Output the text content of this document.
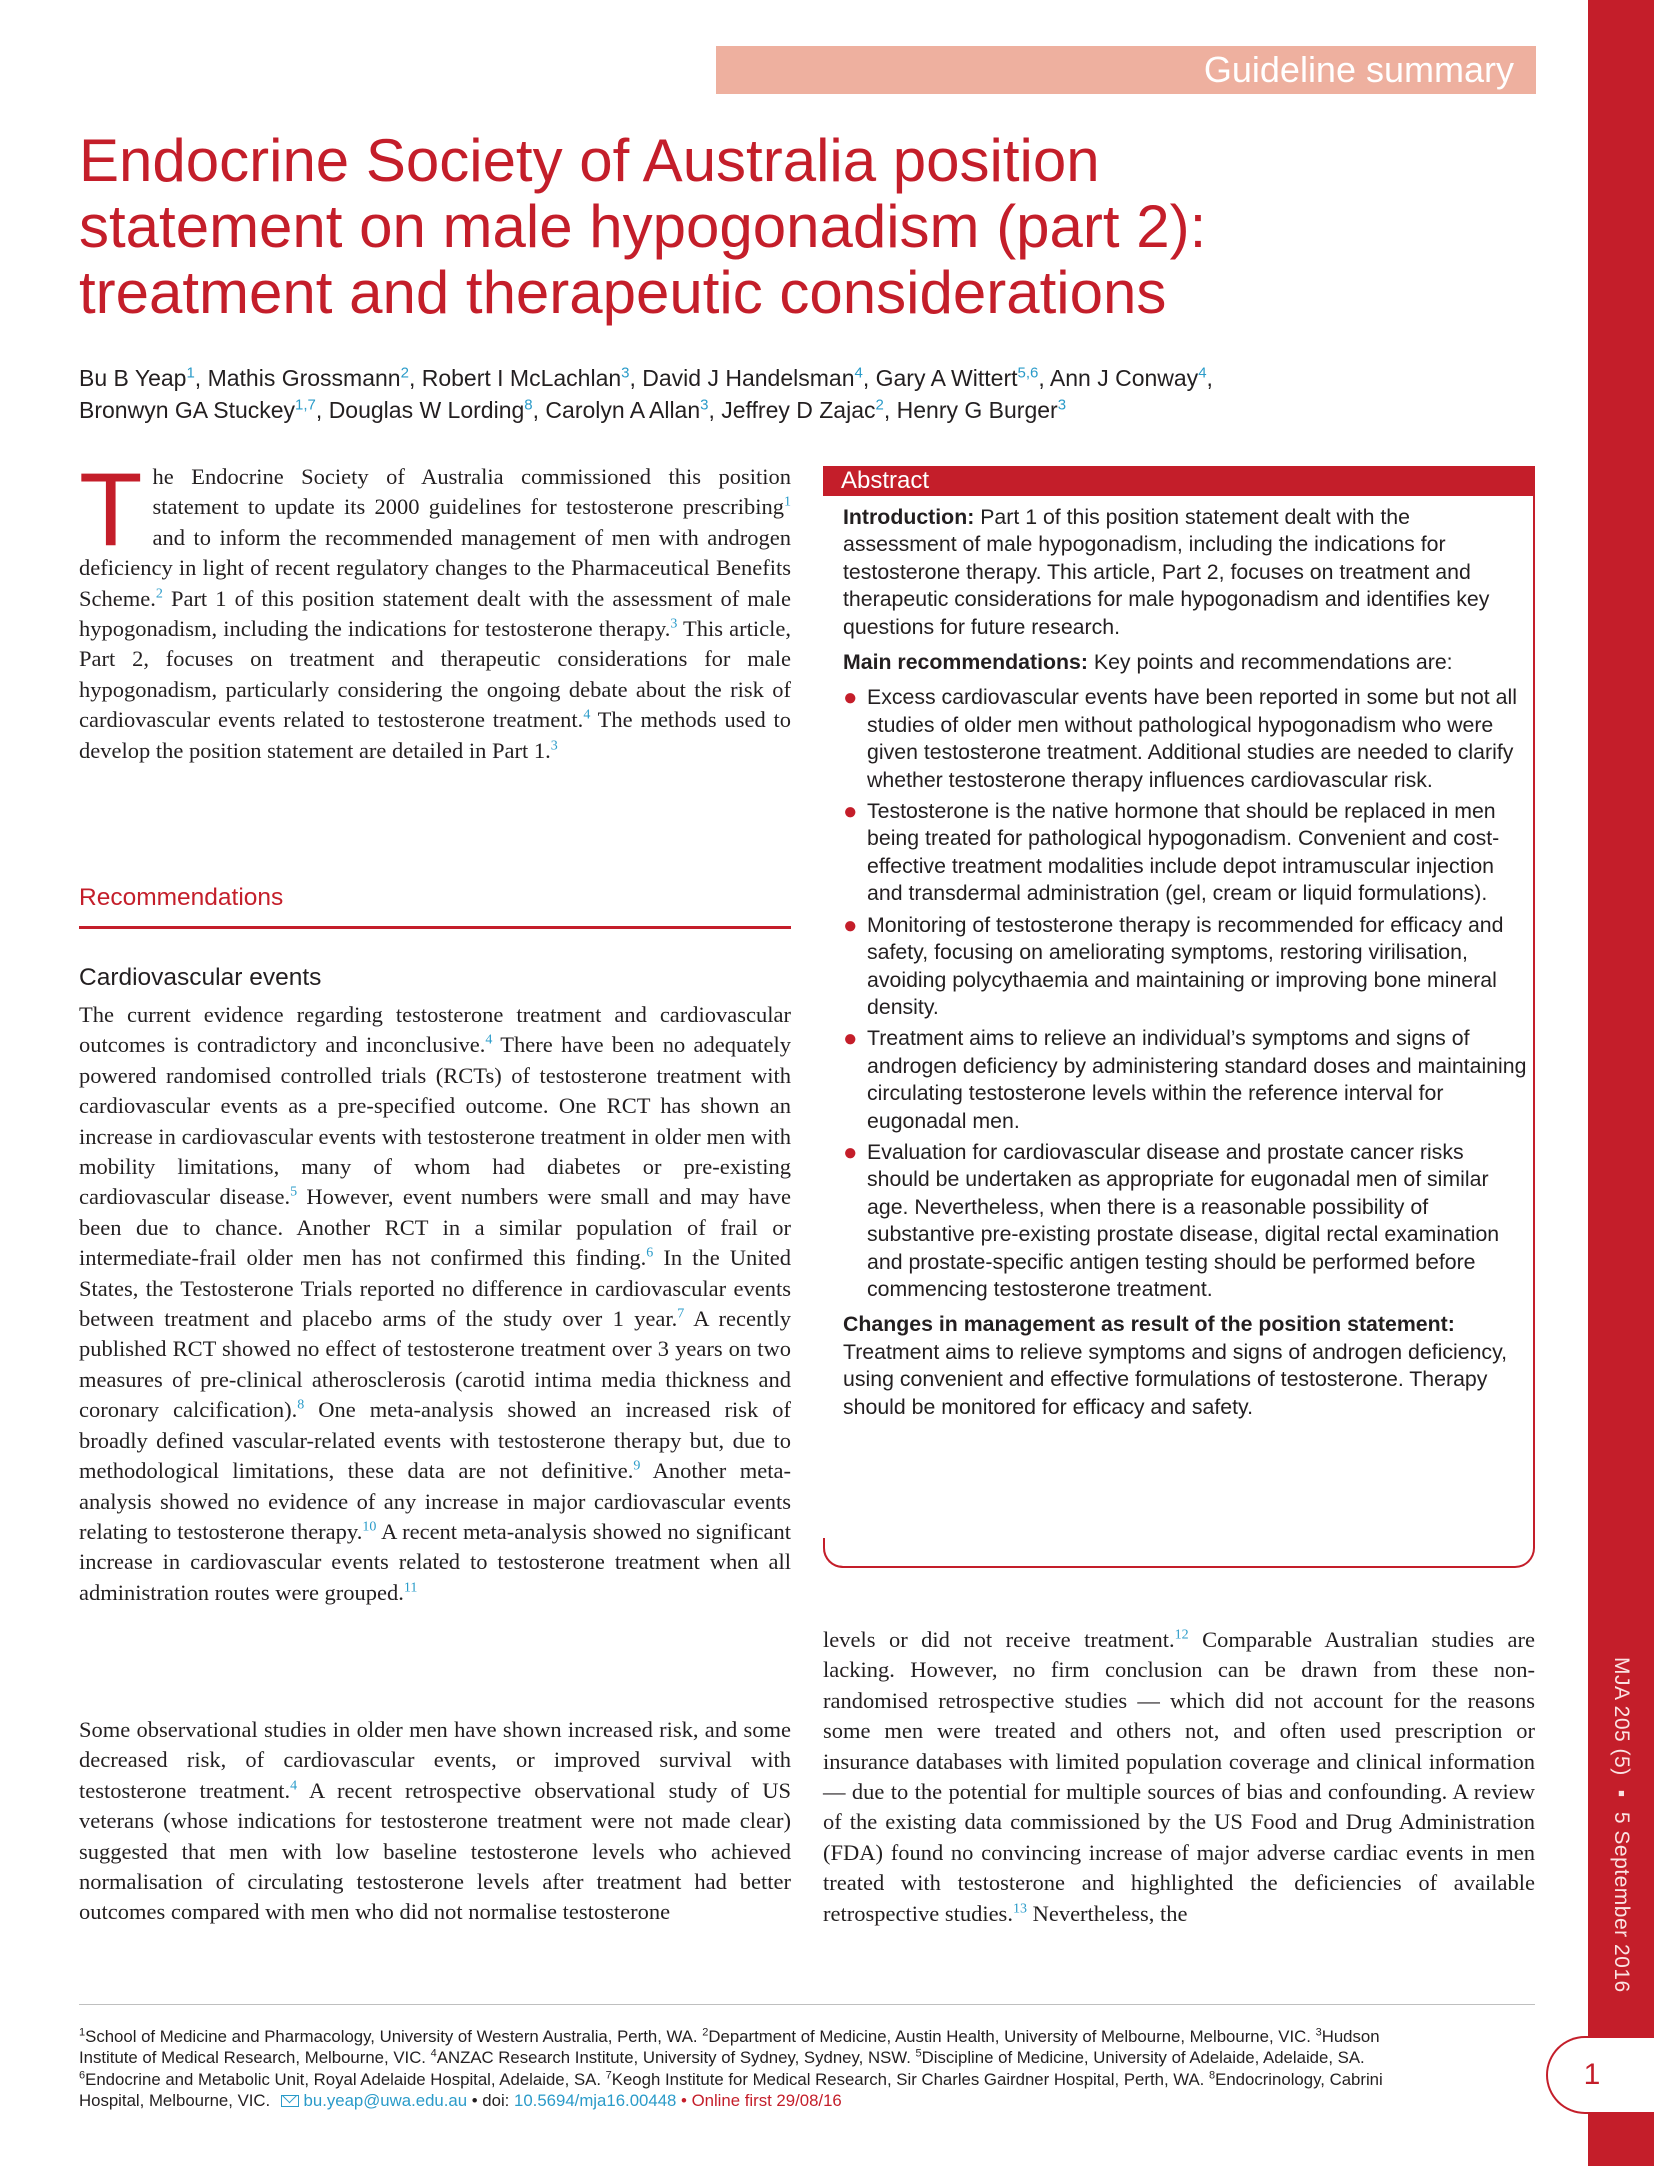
MJA 205 (5) ▪ 5 September 2016
1
Guideline summary
Endocrine Society of Australia position
statement on male hypogonadism (part 2):
treatment and therapeutic considerations
Bu B Yeap$^1$, Mathis Grossmann$^2$, Robert I McLachlan$^3$, David J Handelsman$^4$, Gary A Wittert$^{5,6}$, Ann J Conway$^4$,
Bronwyn GA Stuckey$^{1,7}$, Douglas W Lording$^8$, Carolyn A Allan$^3$, Jeffrey D Zajac$^2$, Henry G Burger$^3$
T he Endocrine Society of Australia commissioned this position statement to update its 2000 guidelines for testosterone prescribing$^1$ and to inform the recommended management of men with androgen deficiency in light of recent regulatory changes to the Pharmaceutical Benefits Scheme.$^2$ Part 1 of this position statement dealt with the assessment of male hypogonadism, including the indications for testosterone therapy.$^3$ This article, Part 2, focuses on treatment and therapeutic considerations for male hypogonadism, particularly considering the ongoing debate about the risk of cardiovascular events related to testosterone treatment.$^4$ The methods used to develop the position statement are detailed in Part 1.$^3$

Recommendations
Cardiovascular events

The current evidence regarding testosterone treatment and cardiovascular outcomes is contradictory and inconclusive.$^4$ There have been no adequately powered randomised controlled trials (RCTs) of testosterone treatment with cardiovascular events as a pre-specified outcome. One RCT has shown an increase in cardiovascular events with testosterone treatment in older men with mobility limitations, many of whom had diabetes or pre-existing cardiovascular disease.$^5$ However, event numbers were small and may have been due to chance. Another RCT in a similar population of frail or intermediate-frail older men has not confirmed this finding.$^6$ In the United States, the Testosterone Trials reported no difference in cardiovascular events between treatment and placebo arms of the study over 1 year.$^7$ A recently published RCT showed no effect of testosterone treatment over 3 years on two measures of pre-clinical atherosclerosis (carotid intima media thickness and coronary calcification).$^8$ One meta-analysis showed an increased risk of broadly defined vascular-related events with testosterone therapy but, due to methodological limitations, these data are not definitive.$^9$ Another meta-analysis showed no evidence of any increase in major cardiovascular events relating to testosterone therapy.$^{10}$ A recent meta-analysis showed no significant increase in cardiovascular events related to testosterone treatment when all administration routes were grouped.$^{11}$

Some observational studies in older men have shown increased risk, and some decreased risk, of cardiovascular events, or improved survival with testosterone treatment.$^4$ A recent retrospective observational study of US veterans (whose indications for testosterone treatment were not made clear) suggested that men with low baseline testosterone levels who achieved normalisation of circulating testosterone levels after treatment had better outcomes compared with men who did not normalise testosterone

Abstract

Introduction: Part 1 of this position statement dealt with the assessment of male hypogonadism, including the indications for testosterone therapy. This article, Part 2, focuses on treatment and therapeutic considerations for male hypogonadism and identifies key questions for future research.

Main recommendations: Key points and recommendations are:

● Excess cardiovascular events have been reported in some but not all studies of older men without pathological hypogonadism who were given testosterone treatment. Additional studies are needed to clarify whether testosterone therapy influences cardiovascular risk.
● Testosterone is the native hormone that should be replaced in men being treated for pathological hypogonadism. Convenient and cost-effective treatment modalities include depot intramuscular injection and transdermal administration (gel, cream or liquid formulations).
● Monitoring of testosterone therapy is recommended for efficacy and safety, focusing on ameliorating symptoms, restoring virilisation, avoiding polycythaemia and maintaining or improving bone mineral density.
● Treatment aims to relieve an individual’s symptoms and signs of androgen deficiency by administering standard doses and maintaining circulating testosterone levels within the reference interval for eugonadal men.
● Evaluation for cardiovascular disease and prostate cancer risks should be undertaken as appropriate for eugonadal men of similar age. Nevertheless, when there is a reasonable possibility of substantive pre-existing prostate disease, digital rectal examination and prostate-specific antigen testing should be performed before commencing testosterone treatment.

Changes in management as result of the position statement: Treatment aims to relieve symptoms and signs of androgen deficiency, using convenient and effective formulations of testosterone. Therapy should be monitored for efficacy and safety.

levels or did not receive treatment.$^{12}$ Comparable Australian studies are lacking. However, no firm conclusion can be drawn from these non-randomised retrospective studies — which did not account for the reasons some men were treated and others not, and often used prescription or insurance databases with limited population coverage and clinical information — due to the potential for multiple sources of bias and confounding. A review of the existing data commissioned by the US Food and Drug Administration (FDA) found no convincing increase of major adverse cardiac events in men treated with testosterone and highlighted the deficiencies of available retrospective studies.$^{13}$ Nevertheless, the

$^1$School of Medicine and Pharmacology, University of Western Australia, Perth, WA. $^2$Department of Medicine, Austin Health, University of Melbourne, Melbourne, VIC. $^3$Hudson
Institute of Medical Research, Melbourne, VIC. $^4$ANZAC Research Institute, University of Sydney, Sydney, NSW. $^5$Discipline of Medicine, University of Adelaide, Adelaide, SA.
$^6$Endocrine and Metabolic Unit, Royal Adelaide Hospital, Adelaide, SA. $^7$Keogh Institute for Medical Research, Sir Charles Gairdner Hospital, Perth, WA. $^8$Endocrinology, Cabrini
Hospital, Melbourne, VIC.  bu.yeap@uwa.edu.au • doi: 10.5694/mja16.00448 • Online first 29/08/16
